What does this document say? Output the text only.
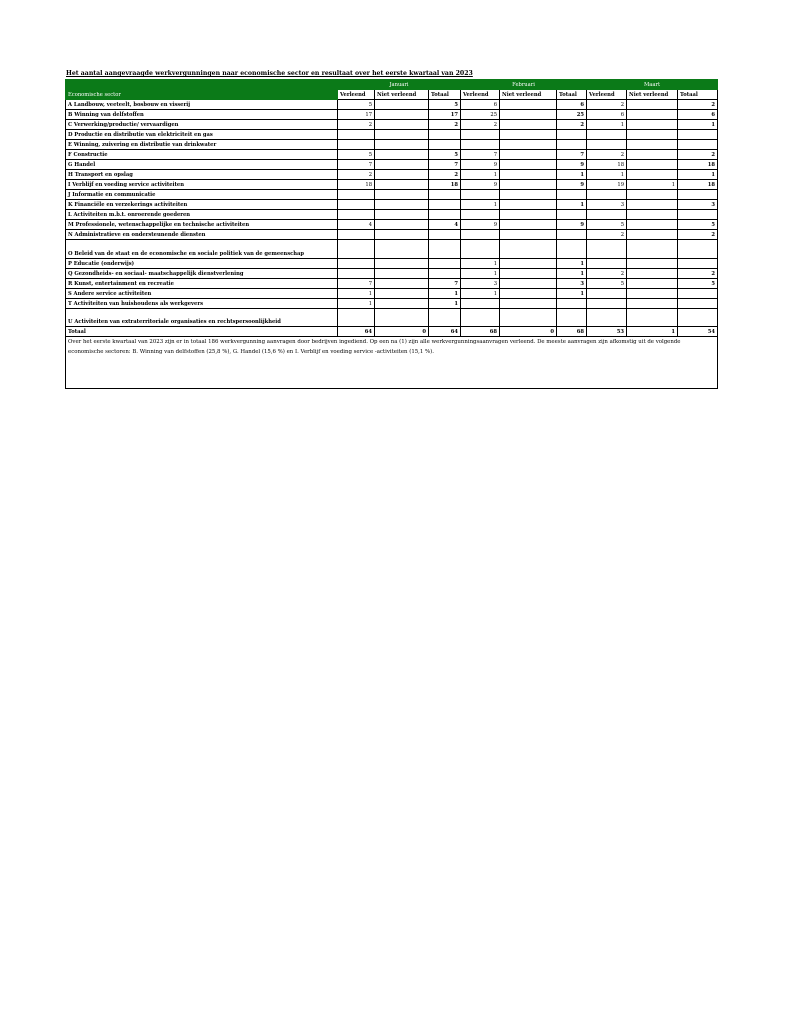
Het aantal aangevraagde werkvergunningen naar economische sector en resultaat over het eerste kwartaal van 2023
	Januari			Februari			Maart		
Economische sector	Verleend	Niet verleend	Totaal	Verleend	Niet verleend	Totaal	Verleend	Niet verleend	Totaal
A Landbouw, veeteelt, bosbouw en visserij	5		5	6		6	2		2
B Winning van delfstoffen	17		17	25		25	6		6
C Verwerking/productie/ vervaardigen	2		2	2		2	1		1
D Productie en distributie van elektriciteit en gas									
E Winning, zuivering en distributie van drinkwater									
F Constructie	5		5	7		7	2		2
G Handel	7		7	9		9	18		18
H Transport en opslag	2		2	1		1	1		1
I Verblijf en voeding service activiteiten	18		18	9		9	19	1	18
J Informatie en communicatie									
K Financiële en verzekerings activiteiten				1		1	3		3
L Activiteiten m.b.t. onroerende goederen									
M Professionele, wetenschappelijke en technische activiteiten	4		4	9		9	5		5
N Administratieve en ondersteunende diensten							2		2
O Beleid van de staat en de economische en sociale politiek van de gemeenschap									
P Educatie (onderwijs)				1		1			
Q Gezondheids- en sociaal- maatschappelijk dienstverlening				1		1	2		2
R Kunst, entertainment en recreatie	7		7	3		3	5		5
S Andere service activiteiten	1		1	1		1			
T Activiteiten van huishoudens als werkgevers	1		1						
U Activiteiten van extraterritoriale organisaties en rechtspersoonlijkheid									
Totaal	64	0	64	68	0	68	53	1	54
Over het eerste kwartaal van 2023 zijn er in totaal 186 werkvergunning aanvragen door bedrijven ingediend. Op een na (1) zijn alle werkvergunningsaanvragen verleend. De meeste aanvragen zijn afkomstig uit de volgende economische sectoren: B. Winning van delfstoffen (25,8 %), G. Handel (15,6 %) en I. Verblijf en voeding service -activiteiten (15,1 %).									
